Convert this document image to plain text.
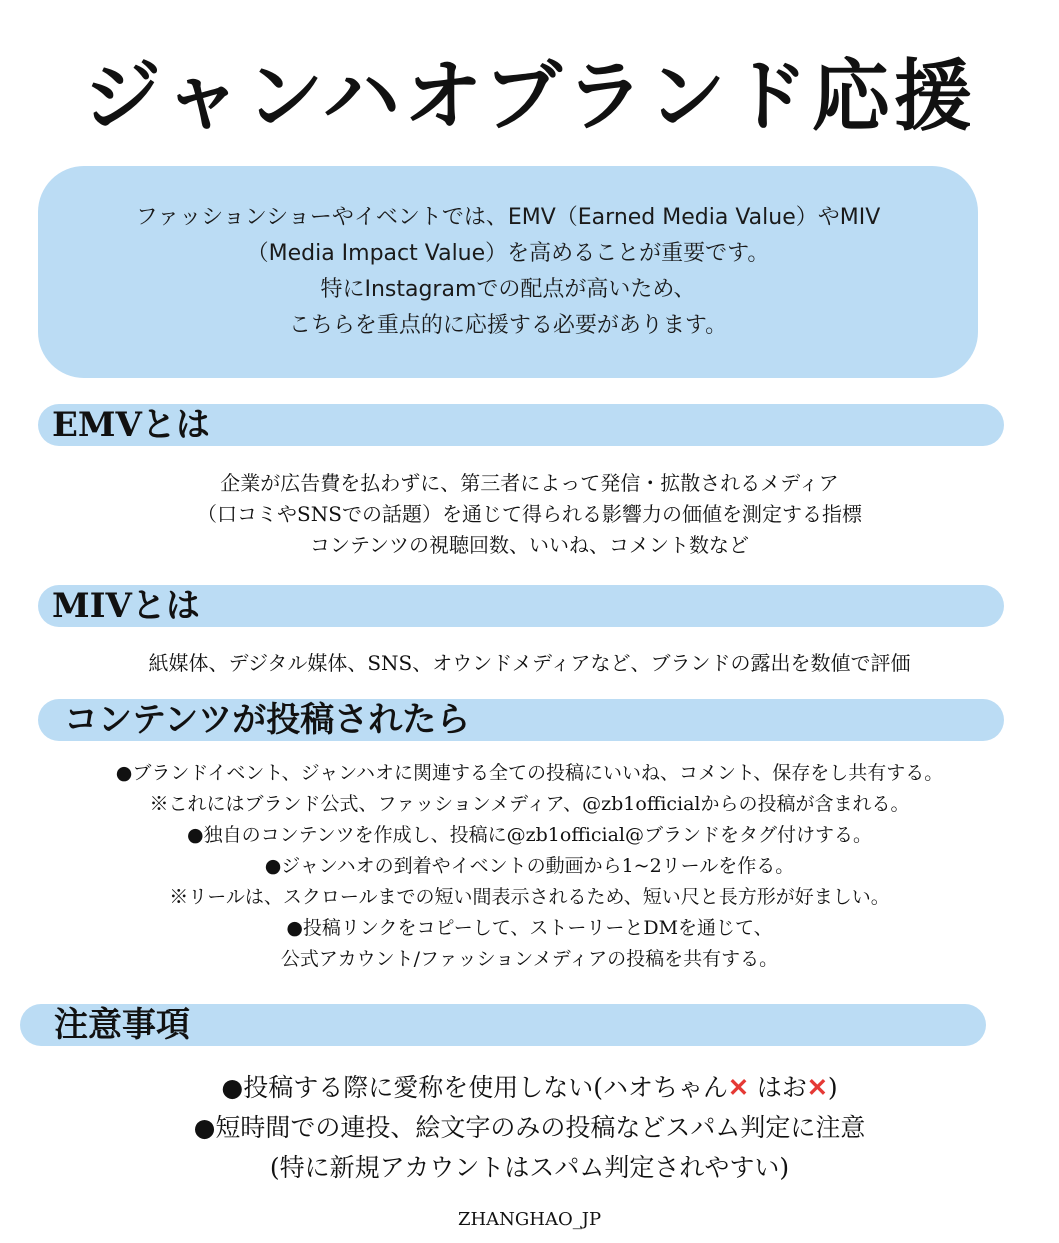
ジャンハオブランド応援
ファッションショーやイベントでは、EMV（Earned Media Value）やMIV
（Media Impact Value）を高めることが重要です。
特にInstagramでの配点が高いため、
こちらを重点的に応援する必要があります。
EMVとは
企業が広告費を払わずに、第三者によって発信・拡散されるメディア
（口コミやSNSでの話題）を通じて得られる影響力の価値を測定する指標
コンテンツの視聴回数、いいね、コメント数など
MIVとは
紙媒体、デジタル媒体、SNS、オウンドメディアなど、ブランドの露出を数値で評価
コンテンツが投稿されたら
●ブランドイベント、ジャンハオに関連する全ての投稿にいいね、コメント、保存をし共有する。
※これにはブランド公式、ファッションメディア、@zb1officialからの投稿が含まれる。
●独自のコンテンツを作成し、投稿に@zb1official@ブランドをタグ付けする。
●ジャンハオの到着やイベントの動画から1~2リールを作る。
※リールは、スクロールまでの短い間表示されるため、短い尺と長方形が好ましい。
●投稿リンクをコピーして、ストーリーとDMを通じて、
公式アカウント/ファッションメディアの投稿を共有する。
注意事項
●投稿する際に愛称を使用しない(ハオちゃん✕ はお✕)
●短時間での連投、絵文字のみの投稿などスパム判定に注意
(特に新規アカウントはスパム判定されやすい)
ZHANGHAO_JP
